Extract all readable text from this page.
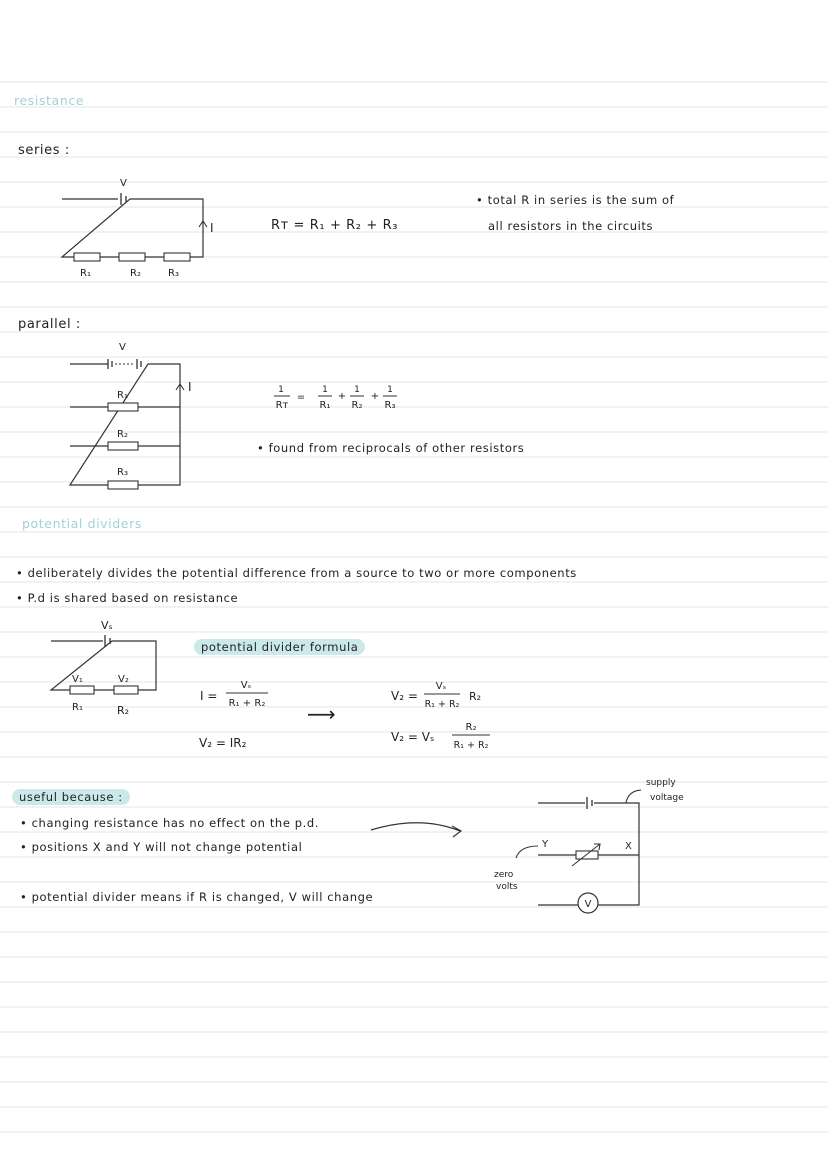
resistance
series :
V
I
R₁	R₂	R₃
Rᴛ = R₁ + R₂ + R₃
• total R in series is the sum of
all resistors in the circuits
parallel :
V
I
R₁
R₂
R₃
1
Rᴛ
=
1
R₁
+
1
R₂
+
1
R₃
• found from reciprocals of other resistors
potential dividers
• deliberately divides the potential difference from a source to two or more components
• P.d is shared based on resistance
Vₛ
V₁	V₂
R₁	R₂
potential divider formula
I =
Vₛ
R₁ + R₂
V₂ = IR₂
⟶
V₂ =
Vₛ
R₁ + R₂
R₂
V₂ = Vₛ
R₂
R₁ + R₂
useful because :
• changing resistance has no effect on the p.d.
• positions X and Y will not change potential
• potential divider means if R is changed, V will change
V
supply
voltage
zero
volts
Y	X
